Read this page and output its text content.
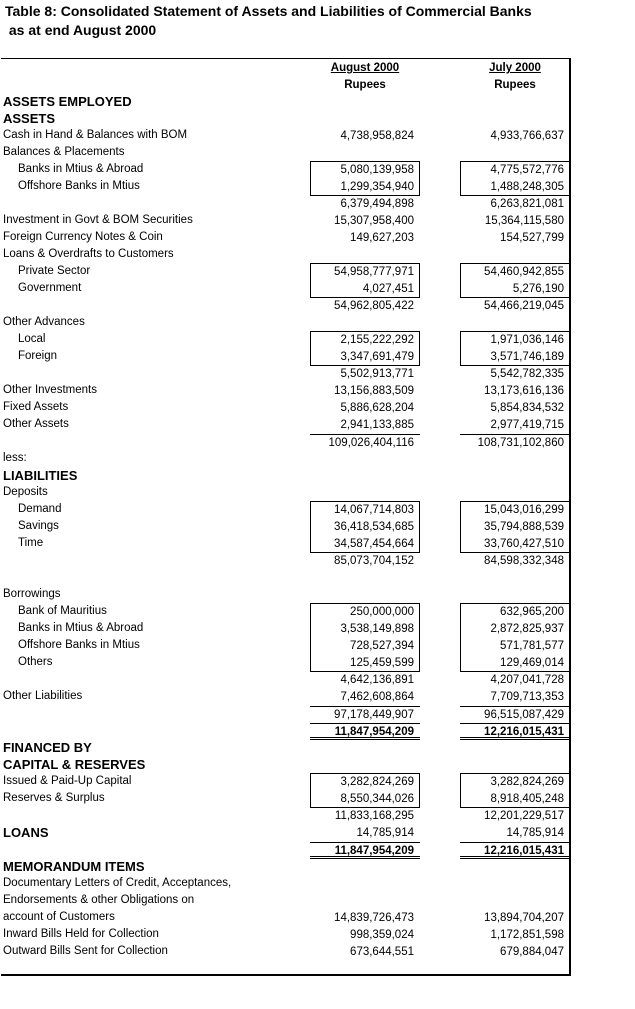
Table 8: Consolidated Statement of Assets and Liabilities of Commercial Banks
as at end August 2000
August 2000
Rupees
July 2000
Rupees
ASSETS EMPLOYED
ASSETS
Cash in Hand & Balances with BOM	4,738,958,824	4,933,766,637
Balances & Placements
Banks in Mtius & Abroad	5,080,139,958	4,775,572,776
Offshore Banks in Mtius	1,299,354,940	1,488,248,305
6,379,494,898	6,263,821,081
Investment in Govt & BOM Securities	15,307,958,400	15,364,115,580
Foreign Currency Notes & Coin	149,627,203	154,527,799
Loans & Overdrafts to Customers
Private Sector	54,958,777,971	54,460,942,855
Government	4,027,451	5,276,190
54,962,805,422	54,466,219,045
Other Advances
Local	2,155,222,292	1,971,036,146
Foreign	3,347,691,479	3,571,746,189
5,502,913,771	5,542,782,335
Other Investments	13,156,883,509	13,173,616,136
Fixed Assets	5,886,628,204	5,854,834,532
Other Assets	2,941,133,885	2,977,419,715
109,026,404,116	108,731,102,860
less:
LIABILITIES
Deposits
Demand	14,067,714,803	15,043,016,299
Savings	36,418,534,685	35,794,888,539
Time	34,587,454,664	33,760,427,510
85,073,704,152	84,598,332,348
Borrowings
Bank of Mauritius	250,000,000	632,965,200
Banks in Mtius & Abroad	3,538,149,898	2,872,825,937
Offshore Banks in Mtius	728,527,394	571,781,577
Others	125,459,599	129,469,014
4,642,136,891	4,207,041,728
Other Liabilities	7,462,608,864	7,709,713,353
97,178,449,907	96,515,087,429
11,847,954,209	12,216,015,431
FINANCED BY
CAPITAL & RESERVES
Issued & Paid-Up Capital	3,282,824,269	3,282,824,269
Reserves & Surplus	8,550,344,026	8,918,405,248
11,833,168,295	12,201,229,517
LOANS	14,785,914	14,785,914
11,847,954,209	12,216,015,431
MEMORANDUM ITEMS
Documentary Letters of Credit, Acceptances,
Endorsements & other Obligations on
account of Customers	14,839,726,473	13,894,704,207
Inward Bills Held for Collection	998,359,024	1,172,851,598
Outward Bills Sent for Collection	673,644,551	679,884,047
